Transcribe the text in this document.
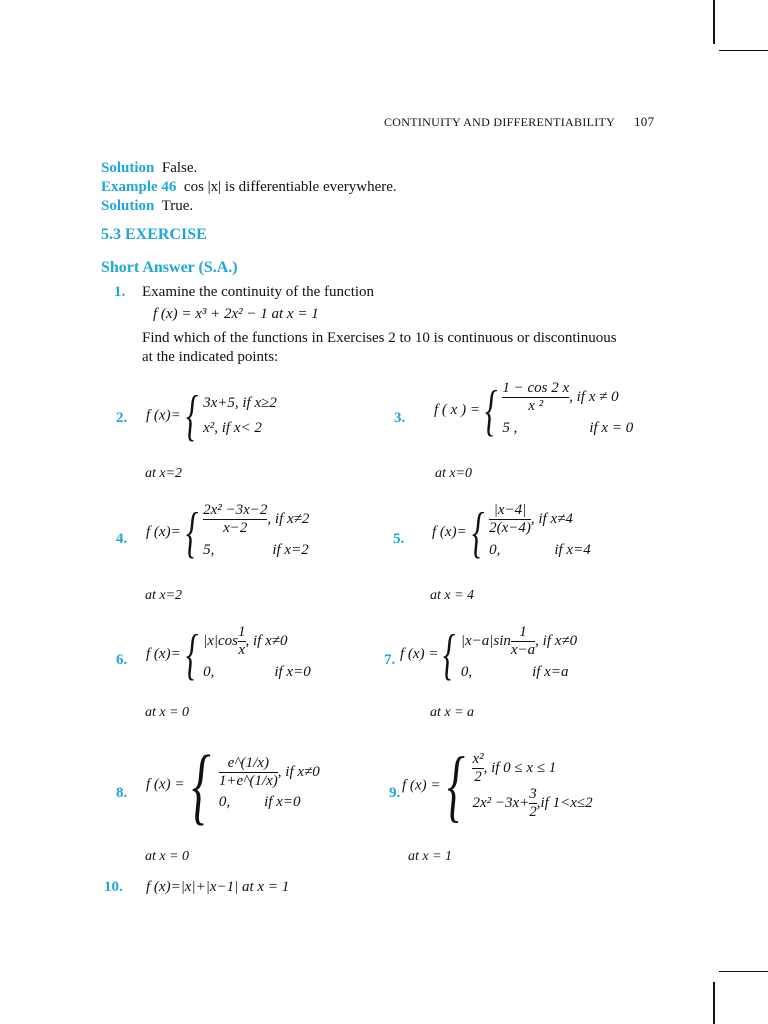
CONTINUITY AND DIFFERENTIABILITY 107
Solution False.
Example 46 cos |x| is differentiable everywhere.
Solution True.
5.3 EXERCISE
Short Answer (S.A.)
1. Examine the continuity of the function
f (x) = x³ + 2x² − 1 at x = 1
Find which of the functions in Exercises 2 to 10 is continuous or discontinuous
at the indicated points:
2. f (x)={ 3x+5, if x≥2
x², if x< 2
at x=2
3.
f ( x ) ={ $\frac{1 - \cos 2 x}{\text{x ²}}$ , if x ≠ 0
5 ,	if x = 0
at x=0
4. f $(x)=\{ \frac{\text{2x² −3x−2}}{x-2}$ , if x≠2
5,	if x=2
at x=2
5. f $(x)=\{ \frac{|x-4|}{2(x-4)}$ , if x≠4
0,	if x=4
at x = 4
6. f (x)={ $|x|\cos \frac{1}{x}$ , if x≠0
0,	if x=0
at x = 0
7. f (x) ={ $|x-a|\sin \frac{1}{x-a}$ , if x≠0
0,	if x=a
at x = a
8.
f (x) ={ $\frac{e\^{}(1/x)}{1+e\^{}(1/x)}$ , if x≠0
0, if x=0
at x = 0
9. f (x) ={ $\frac{\text{x²}}{2}$ , if 0 ≤ x ≤ 1
$2x^2 -3x+ \frac{3}{2} ,if$ 1<x≤2
at x = 1
10. f (x)=|x|+|x−1| at x = 1
